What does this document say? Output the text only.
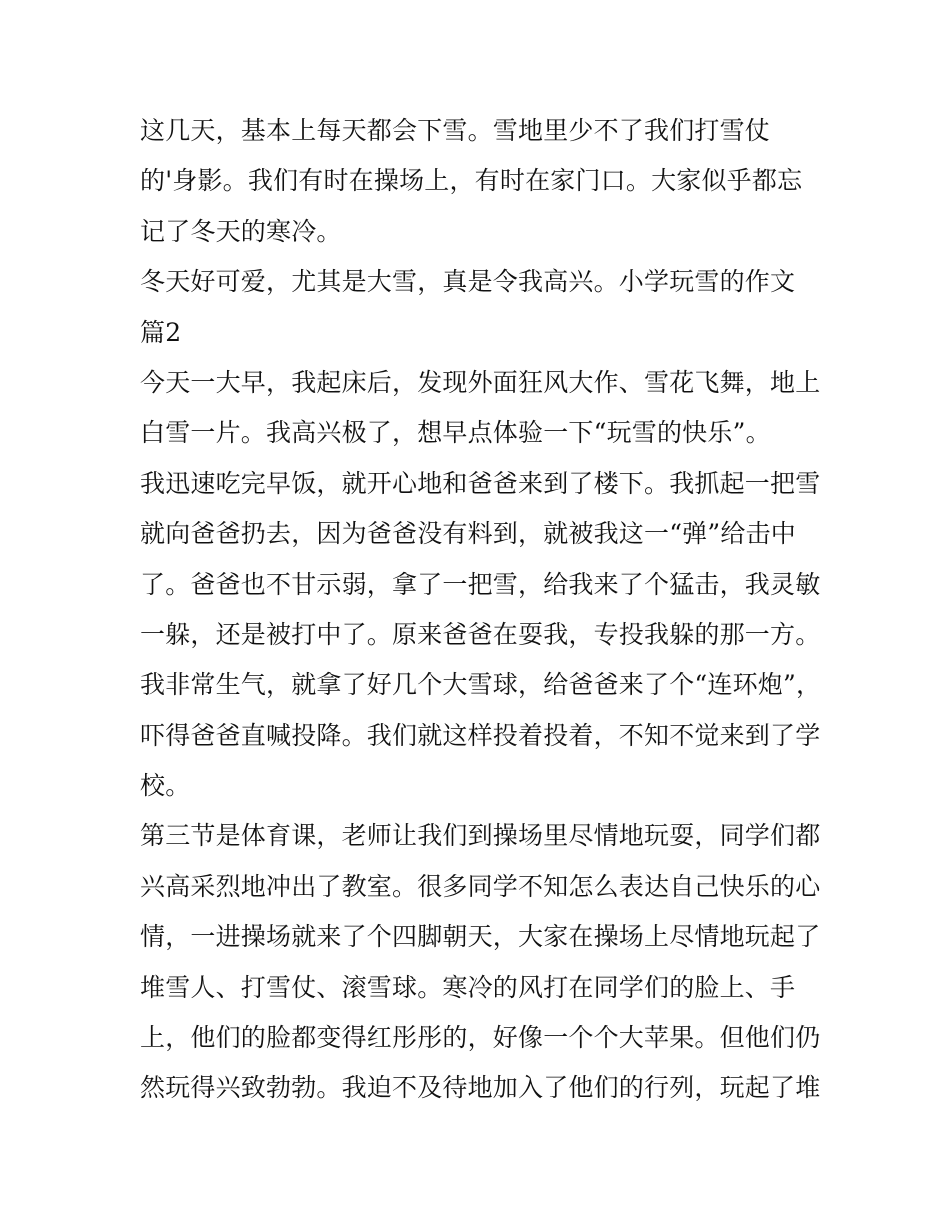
这几天，基本上每天都会下雪。雪地里少不了我们打雪仗
的'身影。我们有时在操场上，有时在家门口。大家似乎都忘
记了冬天的寒冷。
冬天好可爱，尤其是大雪，真是令我高兴。小学玩雪的作文
篇2
今天一大早，我起床后，发现外面狂风大作、雪花飞舞，地上
白雪一片。我高兴极了，想早点体验一下“玩雪的快乐”。
我迅速吃完早饭，就开心地和爸爸来到了楼下。我抓起一把雪
就向爸爸扔去，因为爸爸没有料到，就被我这一“弹”给击中
了。爸爸也不甘示弱，拿了一把雪，给我来了个猛击，我灵敏
一躲，还是被打中了。原来爸爸在耍我，专投我躲的那一方。
我非常生气，就拿了好几个大雪球，给爸爸来了个“连环炮”，
吓得爸爸直喊投降。我们就这样投着投着，不知不觉来到了学
校。
第三节是体育课，老师让我们到操场里尽情地玩耍，同学们都
兴高采烈地冲出了教室。很多同学不知怎么表达自己快乐的心
情，一进操场就来了个四脚朝天，大家在操场上尽情地玩起了
堆雪人、打雪仗、滚雪球。寒冷的风打在同学们的脸上、手
上，他们的脸都变得红彤彤的，好像一个个大苹果。但他们仍
然玩得兴致勃勃。我迫不及待地加入了他们的行列，玩起了堆
